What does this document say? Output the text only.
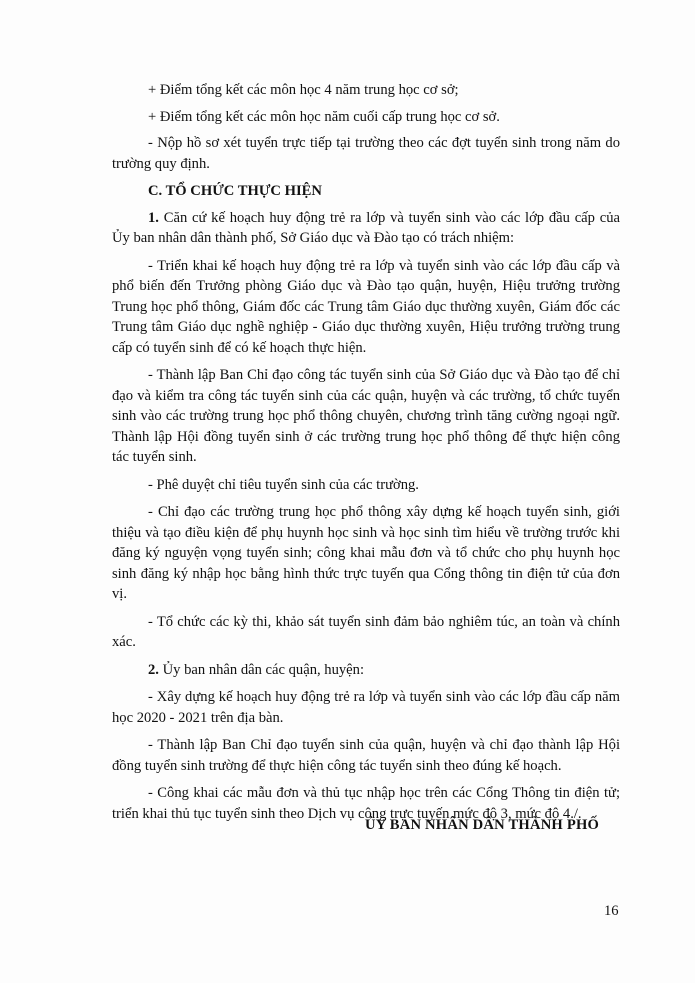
+ Điểm tổng kết các môn học 4 năm trung học cơ sở;

+ Điểm tổng kết các môn học năm cuối cấp trung học cơ sở.

- Nộp hồ sơ xét tuyển trực tiếp tại trường theo các đợt tuyển sinh trong năm do trường quy định.

C. TỔ CHỨC THỰC HIỆN

1. Căn cứ kế hoạch huy động trẻ ra lớp và tuyển sinh vào các lớp đầu cấp của Ủy ban nhân dân thành phố, Sở Giáo dục và Đào tạo có trách nhiệm:

- Triển khai kế hoạch huy động trẻ ra lớp và tuyển sinh vào các lớp đầu cấp và phổ biến đến Trưởng phòng Giáo dục và Đào tạo quận, huyện, Hiệu trưởng trường Trung học phổ thông, Giám đốc các Trung tâm Giáo dục thường xuyên, Giám đốc các Trung tâm Giáo dục nghề nghiệp - Giáo dục thường xuyên, Hiệu trưởng trường trung cấp có tuyển sinh để có kế hoạch thực hiện.

- Thành lập Ban Chỉ đạo công tác tuyển sinh của Sở Giáo dục và Đào tạo để chỉ đạo và kiểm tra công tác tuyển sinh của các quận, huyện và các trường, tổ chức tuyển sinh vào các trường trung học phổ thông chuyên, chương trình tăng cường ngoại ngữ. Thành lập Hội đồng tuyển sinh ở các trường trung học phổ thông để thực hiện công tác tuyển sinh.

- Phê duyệt chỉ tiêu tuyển sinh của các trường.

- Chỉ đạo các trường trung học phổ thông xây dựng kế hoạch tuyển sinh, giới thiệu và tạo điều kiện để phụ huynh học sinh và học sinh tìm hiểu về trường trước khi đăng ký nguyện vọng tuyển sinh; công khai mẫu đơn và tổ chức cho phụ huynh học sinh đăng ký nhập học bằng hình thức trực tuyến qua Cổng thông tin điện tử của đơn vị.

- Tổ chức các kỳ thi, khảo sát tuyển sinh đảm bảo nghiêm túc, an toàn và chính xác.

2. Ủy ban nhân dân các quận, huyện:

- Xây dựng kế hoạch huy động trẻ ra lớp và tuyển sinh vào các lớp đầu cấp năm học 2020 - 2021 trên địa bàn.

- Thành lập Ban Chỉ đạo tuyển sinh của quận, huyện và chỉ đạo thành lập Hội đồng tuyển sinh trường để thực hiện công tác tuyển sinh theo đúng kế hoạch.

- Công khai các mẫu đơn và thủ tục nhập học trên các Cổng Thông tin điện tử; triển khai thủ tục tuyển sinh theo Dịch vụ công trực tuyến mức độ 3, mức độ 4./.

ỦY BAN NHÂN DÂN THÀNH PHỐ
16
